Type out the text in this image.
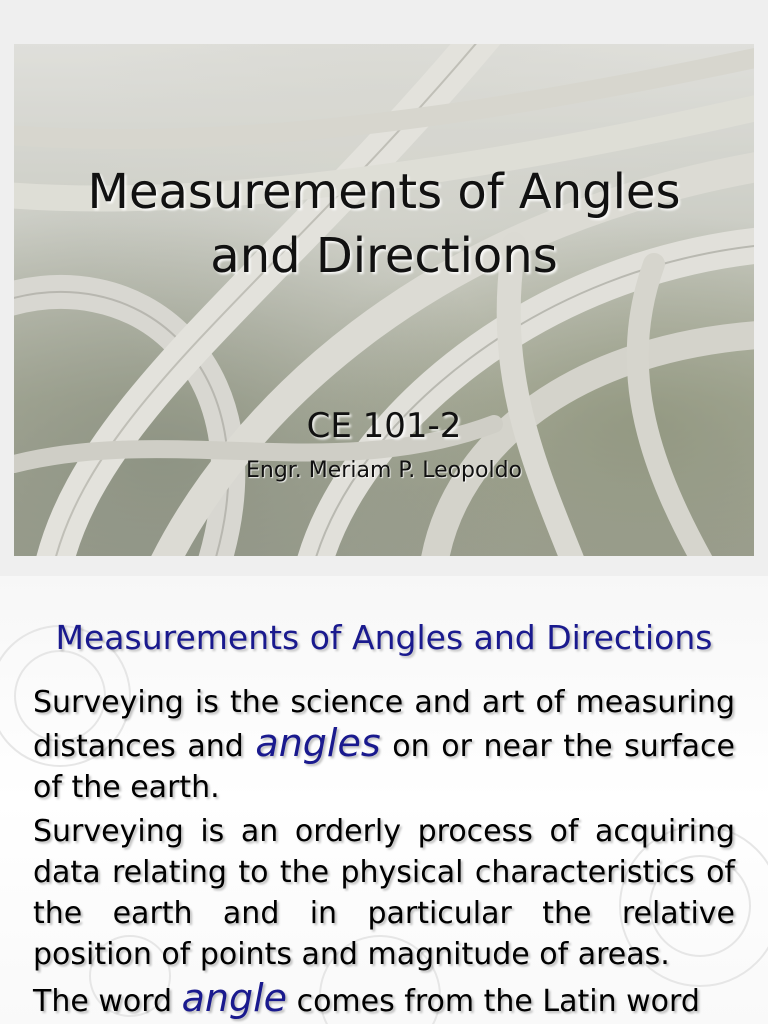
Measurements of Angles
and Directions
CE 101-2
Engr. Meriam P. Leopoldo
Measurements of Angles and Directions

Surveying is the science and art of measuring distances and angles on or near the surface of the earth.

Surveying is an orderly process of acquiring data relating to the physical characteristics of the earth and in particular the relative position of points and magnitude of areas.

The word angle comes from the Latin word
